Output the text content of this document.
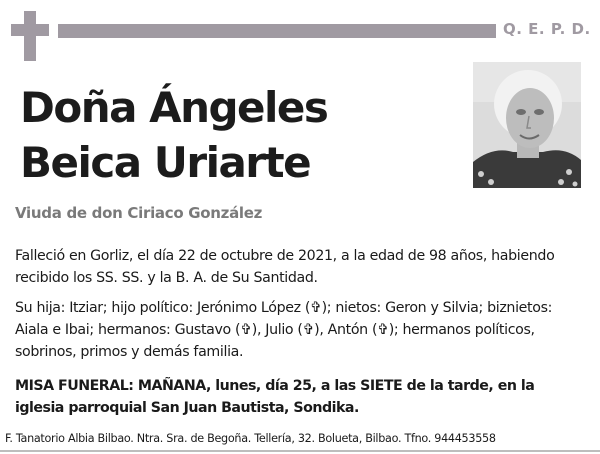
Q. E. P. D.
Doña Ángeles
Beica Uriarte
Viuda de don Ciriaco González

Falleció en Gorliz, el día 22 de octubre de 2021, a la edad de 98 años, habiendo recibido los SS. SS. y la B. A. de Su Santidad.

Su hija: Itziar; hijo político: Jerónimo López (✞); nietos: Geron y Silvia; biznietos: Aiala e Ibai; hermanos: Gustavo (✞), Julio (✞), Antón (✞); hermanos políticos, sobrinos, primos y demás familia.

MISA FUNERAL: MAÑANA, lunes, día 25, a las SIETE de la tarde, en la iglesia parroquial San Juan Bautista, Sondika.

F. Tanatorio Albia Bilbao. Ntra. Sra. de Begoña. Tellería, 32. Bolueta, Bilbao. Tfno. 944453558
